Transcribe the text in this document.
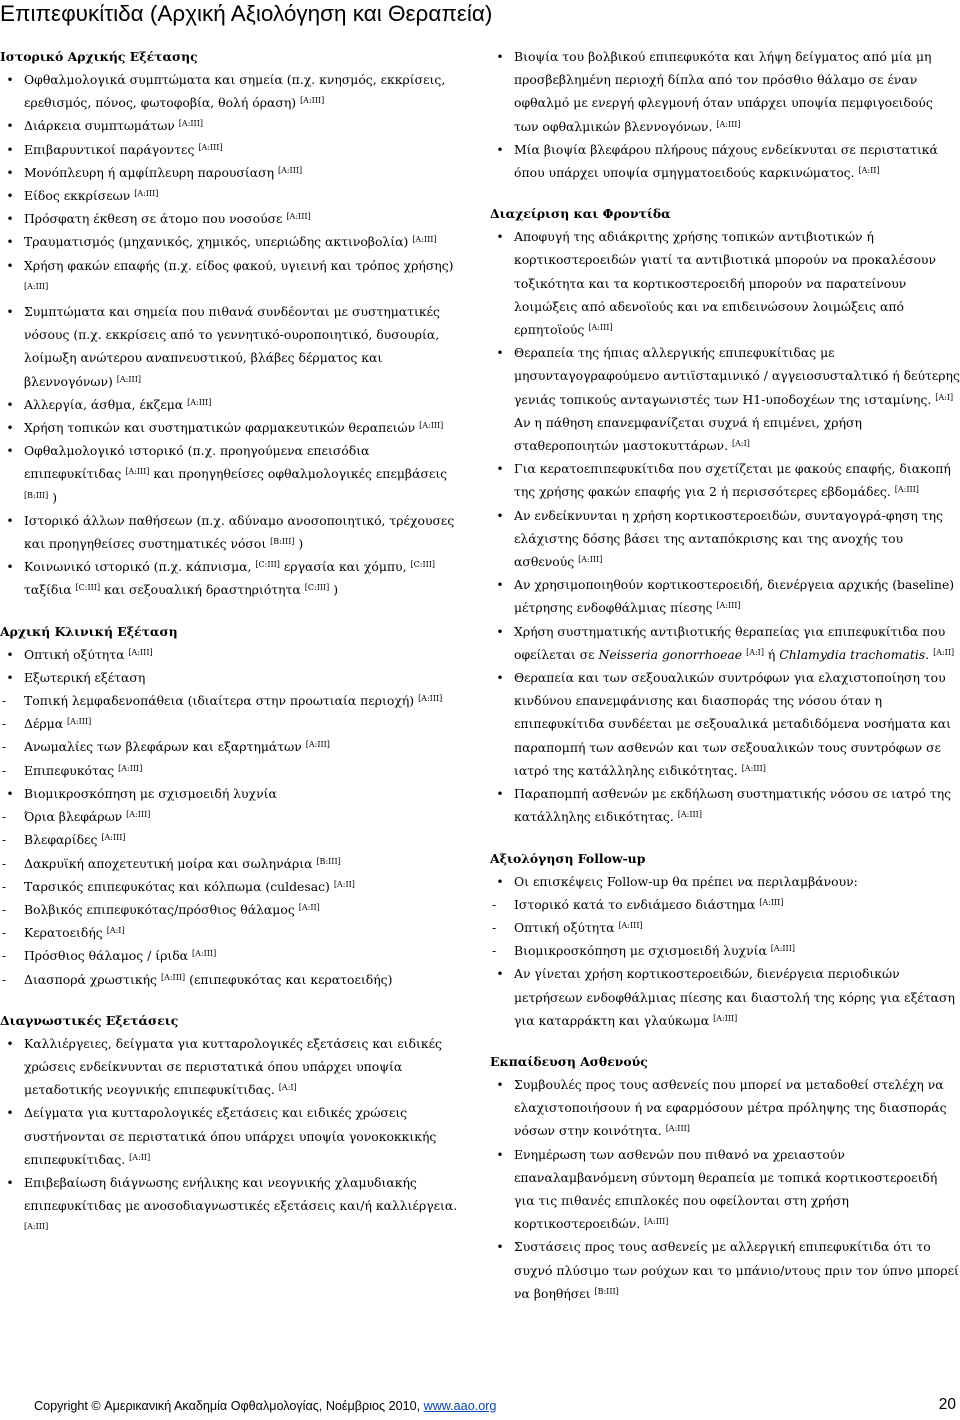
Επιπεφυκίτιδα (Αρχική Αξιολόγηση και Θεραπεία)
Ιστορικό Αρχικής Εξέτασης
• Οφθαλμολογικά συμπτώματα και σημεία (π.χ. κνησμός, εκκρίσεις, ερεθισμός, πόνος, φωτοφοβία, θολή όραση) [A:III]
• Διάρκεια συμπτωμάτων [A:III]
• Επιβαρυντικοί παράγοντες [A:III]
• Μονόπλευρη ή αμφίπλευρη παρουσίαση [A:III]
• Είδος εκκρίσεων [A:III]
• Πρόσφατη έκθεση σε άτομο που νοσούσε [A:III]
• Τραυματισμός (μηχανικός, χημικός, υπεριώδης ακτινοβολία) [A:III]
• Χρήση φακών επαφής (π.χ. είδος φακού, υγιεινή και τρόπος χρήσης) [A:III]
• Συμπτώματα και σημεία που πιθανά συνδέονται με συστηματικές νόσους (π.χ. εκκρίσεις από το γεννητικό-ουροποιητικό, δυσουρία, λοίμωξη ανώτερου αναπνευστικού, βλάβες δέρματος και βλεννογόνων) [A:III]
• Αλλεργία, άσθμα, έκζεμα [A:III]
• Χρήση τοπικών και συστηματικών φαρμακευτικών θεραπειών [A:III]
• Οφθαλμολογικό ιστορικό (π.χ. προηγούμενα επεισόδια επιπεφυκίτιδας [A:III] και προηγηθείσες οφθαλμολογικές επεμβάσεις [B:III] )
• Ιστορικό άλλων παθήσεων (π.χ. αδύναμο ανοσοποιητικό, τρέχουσες και προηγηθείσες συστηματικές νόσοι [B:III] )
• Κοινωνικό ιστορικό (π.χ. κάπνισμα, [C:III] εργασία και χόμπυ, [C:III] ταξίδια [C:III] και σεξουαλική δραστηριότητα [C:III] )
Αρχική Κλινική Εξέταση
• Οπτική οξύτητα [A:III]
• Εξωτερική εξέταση
-	Τοπική λεμφαδενοπάθεια (ιδιαίτερα στην προωτιαία περιοχή) [A:III]
-	Δέρμα [A:III]
-	Ανωμαλίες των βλεφάρων και εξαρτημάτων [A:III]
-	Επιπεφυκότας [A:III]
• Βιομικροσκόπηση με σχισμοειδή λυχνία
-	Όρια βλεφάρων [A:III]
-	Βλεφαρίδες [A:III]
-	Δακρυϊκή αποχετευτική μοίρα και σωληνάρια [B:III]
-	Ταρσικός επιπεφυκότας και κόλπωμα (culdesac) [A:II]
-	Βολβικός επιπεφυκότας/πρόσθιος θάλαμος [A:II]
-	Κερατοειδής [A:I]
-	Πρόσθιος θάλαμος / ίριδα [A:III]
-	Διασπορά χρωστικής [A:III] (επιπεφυκότας και κερατοειδής)
Διαγνωστικές Εξετάσεις
• Καλλιέργειες, δείγματα για κυτταρολογικές εξετάσεις και ειδικές χρώσεις ενδείκνυνται σε περιστατικά όπου υπάρχει υποψία μεταδοτικής νεογνικής επιπεφυκίτιδας. [A:I]
• Δείγματα για κυτταρολογικές εξετάσεις και ειδικές χρώσεις συστήνονται σε περιστατικά όπου υπάρχει υποψία γονοκοκκικής επιπεφυκίτιδας. [A:II]
• Επιβεβαίωση διάγνωσης ενήλικης και νεογνικής χλαμυδιακής επιπεφυκίτιδας με ανοσοδιαγνωστικές εξετάσεις και/ή καλλιέργεια. [A:III]
• Βιοψία του βολβικού επιπεφυκότα και λήψη δείγματος από μία μη προσβεβλημένη περιοχή δίπλα από τον πρόσθιο θάλαμο σε έναν οφθαλμό με ενεργή φλεγμονή όταν υπάρχει υποψία πεμφιγοειδούς των οφθαλμικών βλεννογόνων. [A:III]
• Μία βιοψία βλεφάρου πλήρους πάχους ενδείκνυται σε περιστατικά όπου υπάρχει υποψία σμηγματοειδούς καρκινώματος. [A:II]
Διαχείριση και Φροντίδα
• Αποφυγή της αδιάκριτης χρήσης τοπικών αντιβιοτικών ή κορτικοστεροειδών γιατί τα αντιβιοτικά μπορούν να προκαλέσουν τοξικότητα και τα κορτικοστεροειδή μπορούν να παρατείνουν λοιμώξεις από αδενοϊούς και να επιδεινώσουν λοιμώξεις από ερπητοϊούς [A:III]
• Θεραπεία της ήπιας αλλεργικής επιπεφυκίτιδας με μησυνταγογραφούμενο αντιϊσταμινικό / αγγειοσυσταλτικό ή δεύτερης γενιάς τοπικούς ανταγωνιστές των Η1-υποδοχέων της ισταμίνης. [A:I] Αν η πάθηση επανεμφανίζεται συχνά ή επιμένει, χρήση σταθεροποιητών μαστοκυττάρων. [A:I]
• Για κερατοεπιπεφυκίτιδα που σχετίζεται με φακούς επαφής, διακοπή της χρήσης φακών επαφής για 2 ή περισσότερες εβδομάδες. [A:III]
• Αν ενδείκνυνται η χρήση κορτικοστεροειδών, συνταγογρά-φηση της ελάχιστης δόσης βάσει της ανταπόκρισης και της ανοχής του ασθενούς [A:III]
• Αν χρησιμοποιηθούν κορτικοστεροειδή, διενέργεια αρχικής (baseline) μέτρησης ενδοφθάλμιας πίεσης [A:III]
• Χρήση συστηματικής αντιβιοτικής θεραπείας για επιπεφυκίτιδα που οφείλεται σε Neisseria gonorrhoeae [A:I] ή Chlamydia trachomatis. [A:II]
• Θεραπεία και των σεξουαλικών συντρόφων για ελαχιστοποίηση του κινδύνου επανεμφάνισης και διασποράς της νόσου όταν η επιπεφυκίτιδα συνδέεται με σεξουαλικά μεταδιδόμενα νοσήματα και παραπομπή των ασθενών και των σεξουαλικών τους συντρόφων σε ιατρό της κατάλληλης ειδικότητας. [A:III]
• Παραπομπή ασθενών με εκδήλωση συστηματικής νόσου σε ιατρό της κατάλληλης ειδικότητας. [A:III]
Αξιολόγηση Follow-up
• Οι επισκέψεις Follow-up θα πρέπει να περιλαμβάνουν:
-	Ιστορικό κατά το ενδιάμεσο διάστημα [A:III]
-	Οπτική οξύτητα [A:III]
-	Βιομικροσκόπηση με σχισμοειδή λυχνία [A:III]
• Αν γίνεται χρήση κορτικοστεροειδών, διενέργεια περιοδικών μετρήσεων ενδοφθάλμιας πίεσης και διαστολή της κόρης για εξέταση για καταρράκτη και γλαύκωμα [A:III]
Εκπαίδευση Ασθενούς
• Συμβουλές προς τους ασθενείς που μπορεί να μεταδοθεί στελέχη να ελαχιστοποιήσουν ή να εφαρμόσουν μέτρα πρόληψης της διασποράς νόσων στην κοινότητα. [A:III]
• Ενημέρωση των ασθενών που πιθανό να χρειαστούν επαναλαμβανόμενη σύντομη θεραπεία με τοπικά κορτικοστεροειδή για τις πιθανές επιπλοκές που οφείλονται στη χρήση κορτικοστεροειδών. [A:III]
• Συστάσεις προς τους ασθενείς με αλλεργική επιπεφυκίτιδα ότι το συχνό πλύσιμο των ρούχων και το μπάνιο/ντους πριν τον ύπνο μπορεί να βοηθήσει [B:III]
Copyright © Αμερικανική Ακαδημία Οφθαλμολογίας, Νοέμβριος 2010, www.aao.org	20
